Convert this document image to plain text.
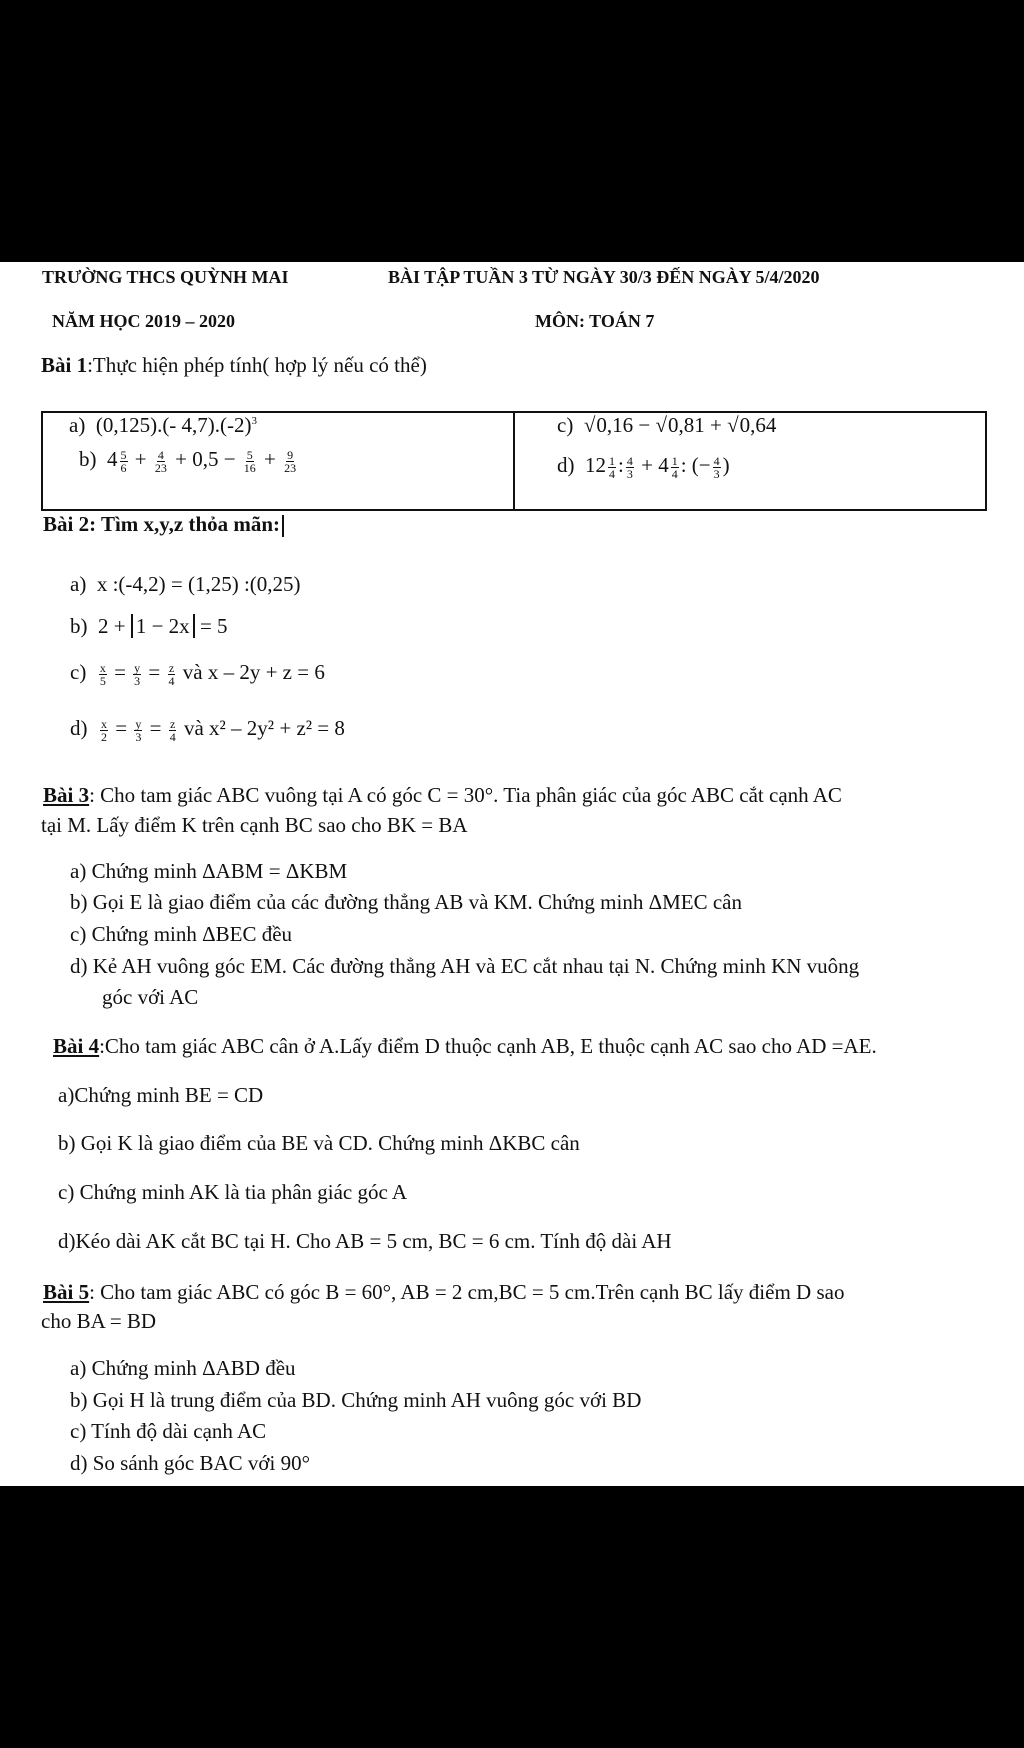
TRƯỜNG THCS QUỲNH MAI	BÀI TẬP TUẦN 3 TỪ NGÀY 30/3 ĐẾN NGÀY 5/4/2020
NĂM HỌC 2019 – 2020	MÔN: TOÁN 7
Bài 1:Thực hiện phép tính( hợp lý nếu có thể)
a) (0,125).(- $4,7).(-2)^3$
b) $4 \frac{5}{6} + \frac{4}{23} + 0,5 - \frac{5}{16} + \frac{9}{23}$
c)  √0,16 − √0,81 + √0,64
d) $12 \frac{1}{4}$ : $\frac{4}{3} + 4 \frac{1}{4}$ : (− $\frac{4}{3}$ )
Bài 2: Tìm x,y,z thỏa mãn:
a) x :(-4,2) = (1,25) :(0,25)
b) 2 + 1 − 2x = 5
$c) \frac{x}{5} = \frac{y}{3} = \frac{z}{4}$ và x – 2y + z = 6
$d) \frac{x}{2} = \frac{y}{3} = \frac{z}{4}$ và x² – 2y² + z² = 8
Bài 3: Cho tam giác ABC vuông tại A có góc C = 30°. Tia phân giác của góc ABC cắt cạnh AC
tại M. Lấy điểm K trên cạnh BC sao cho BK = BA
a) Chứng minh ΔABM = ΔKBM
b) Gọi E là giao điểm của các đường thẳng AB và KM. Chứng minh ΔMEC cân
c) Chứng minh ΔBEC đều
d) Kẻ AH vuông góc EM. Các đường thẳng AH và EC cắt nhau tại N. Chứng minh KN vuông
góc với AC
Bài 4:Cho tam giác ABC cân ở A.Lấy điểm D thuộc cạnh AB, E thuộc cạnh AC sao cho AD =AE.
a)Chứng minh BE = CD
b) Gọi K là giao điểm của BE và CD. Chứng minh ΔKBC cân
c) Chứng minh AK là tia phân giác góc A
d)Kéo dài AK cắt BC tại H. Cho AB = 5 cm, BC = 6 cm. Tính độ dài AH
Bài 5: Cho tam giác ABC có góc B = 60°, AB = 2 cm,BC = 5 cm.Trên cạnh BC lấy điểm D sao
cho BA = BD
a) Chứng minh ΔABD đều
b) Gọi H là trung điểm của BD. Chứng minh AH vuông góc với BD
c) Tính độ dài cạnh AC
d) So sánh góc BAC với 90°
